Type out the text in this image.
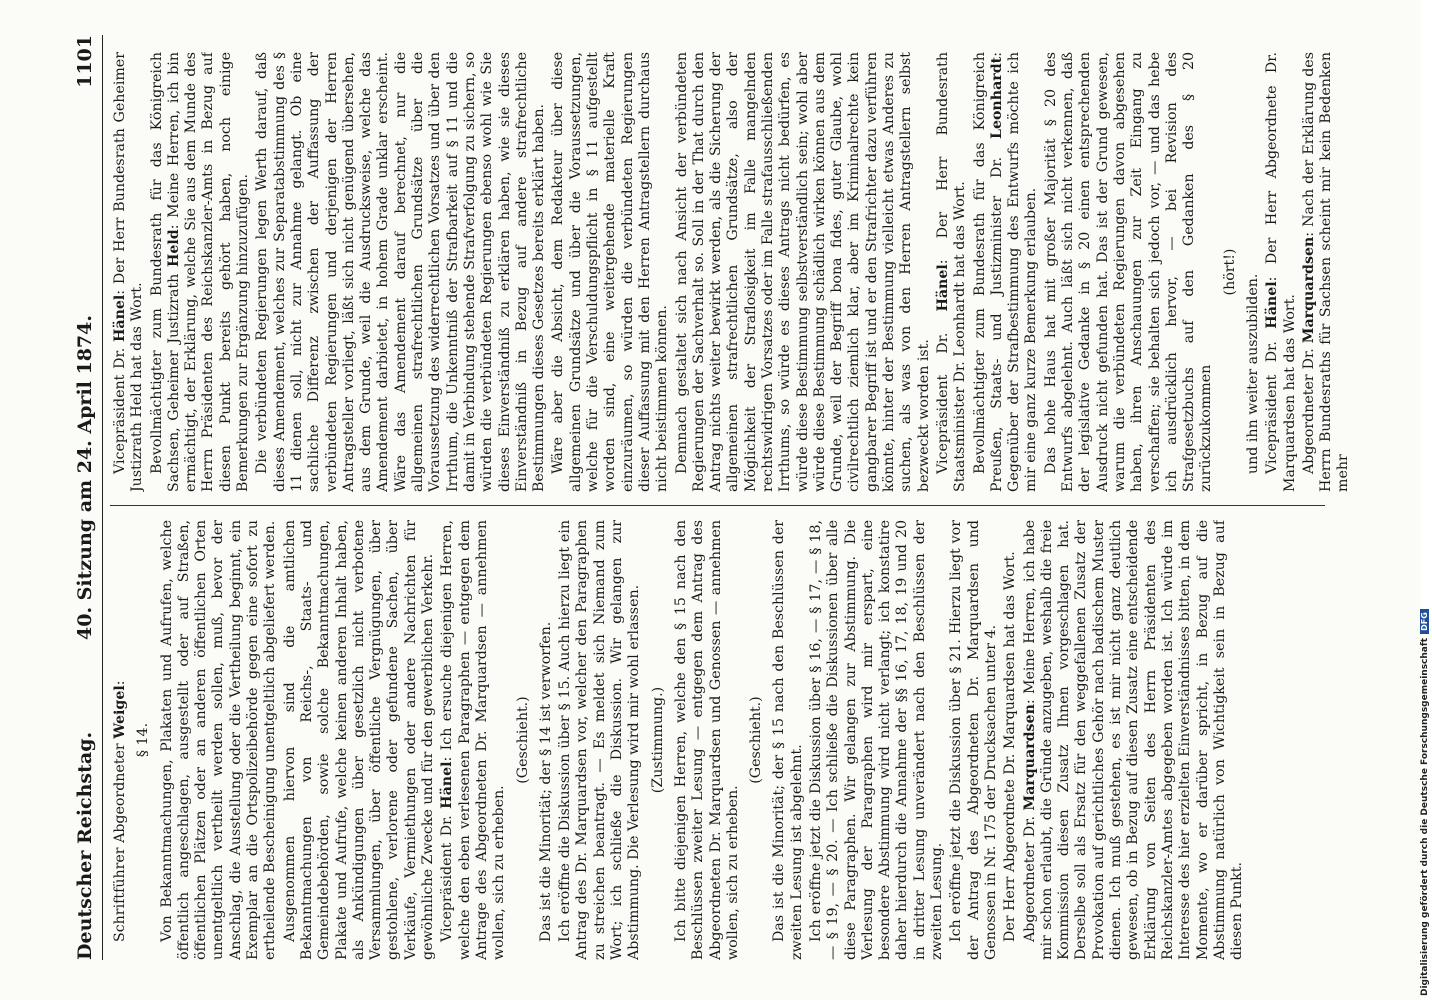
Deutscher Reichstag.
40. Sitzung am 24. April 1874.
1101

Schriftführer Abgeordneter Weigel:

§ 14. Von Bekanntmachungen, Plakaten und Aufrufen, welche öffentlich angeschlagen, ausgestellt oder auf Straßen, öffentlichen Plätzen oder an anderen öffentlichen Orten unentgeltlich vertheilt werden sollen, muß, bevor der Anschlag, die Ausstellung oder die Vertheilung beginnt, ein Exemplar an die Ortspolizeibehörde gegen eine sofort zu ertheilende Bescheinigung unentgeltlich abgeliefert werden. Ausgenommen hiervon sind die amtlichen Bekanntmachungen von Reichs-, Staats- und Gemeindebehörden, sowie solche Bekanntmachungen, Plakate und Aufrufe, welche keinen anderen Inhalt haben, als Ankündigungen über gesetzlich nicht verbotene Versammlungen, über öffentliche Vergnügungen, über gestohlene, verlorene oder gefundene Sachen, über Verkäufe, Vermiethungen oder andere Nachrichten für gewöhnliche Zwecke und für den gewerblichen Verkehr. Vicepräsident Dr. Hänel: Ich ersuche diejenigen Herren, welche den eben verlesenen Paragraphen — entgegen dem Antrage des Abgeordneten Dr. Marquardsen — annehmen wollen, sich zu erheben.

(Geschieht.) Das ist die Minorität; der § 14 ist verworfen. Ich eröffne die Diskussion über § 15. Auch hierzu liegt ein Antrag des Dr. Marquardsen vor, welcher den Paragraphen zu streichen beantragt. — Es meldet sich Niemand zum Wort; ich schließe die Diskussion. Wir gelangen zur Abstimmung. Die Verlesung wird mir wohl erlassen. (Zustimmung.) Ich bitte diejenigen Herren, welche den § 15 nach den Beschlüssen zweiter Lesung — entgegen dem Antrag des Abgeordneten Dr. Marquardsen und Genossen — annehmen wollen, sich zu erheben.

(Geschieht.) Das ist die Minorität; der § 15 nach den Beschlüssen der zweiten Lesung ist abgelehnt. Ich eröffne jetzt die Diskussion über § 16, — § 17, — § 18, — § 19, — § 20. — Ich schließe die Diskussionen über alle diese Paragraphen. Wir gelangen zur Abstimmung. Die Verlesung der Paragraphen wird mir erspart, eine besondere Abstimmung wird nicht verlangt; ich konstatire daher hierdurch die Annahme der §§ 16, 17, 18, 19 und 20 in dritter Lesung unverändert nach den Beschlüssen der zweiten Lesung. Ich eröffne jetzt die Diskussion über § 21. Hierzu liegt vor der Antrag des Abgeordneten Dr. Marquardsen und Genossen in Nr. 175 der Drucksachen unter 4. Der Herr Abgeordnete Dr. Marquardsen hat das Wort. Abgeordneter Dr. Marquardsen: Meine Herren, ich habe mir schon erlaubt, die Gründe anzugeben, weshalb die freie Kommission diesen Zusatz Ihnen vorgeschlagen hat. Derselbe soll als Ersatz für den weggefallenen Zusatz der Provokation auf gerichtliches Gehör nach badischem Muster dienen. Ich muß gestehen, es ist mir nicht ganz deutlich gewesen, ob in Bezug auf diesen Zusatz eine entscheidende Erklärung von Seiten des Herrn Präsidenten des Reichskanzler-Amtes abgegeben worden ist. Ich würde im Interesse des hier erzielten Einverständnisses bitten, in dem Momente, wo er darüber spricht, in Bezug auf die Abstimmung natürlich von Wichtigkeit sein in Bezug auf diesen Punkt.

Vicepräsident Dr. Hänel: Der Herr Bundesrath Geheimer Justizrath Held hat das Wort. Bevollmächtigter zum Bundesrath für das Königreich Sachsen, Geheimer Justizrath Held: Meine Herren, ich bin ermächtigt, der Erklärung, welche Sie aus dem Munde des Herrn Präsidenten des Reichskanzler-Amts in Bezug auf diesen Punkt bereits gehört haben, noch einige Bemerkungen zur Ergänzung hinzuzufügen. Die verbündeten Regierungen legen Werth darauf, daß dieses Amendement, welches zur Separatabstimmung des § 11 dienen soll, nicht zur Annahme gelangt. Ob eine sachliche Differenz zwischen der Auffassung der verbündeten Regierungen und derjenigen der Herren Antragsteller vorliegt, läßt sich nicht genügend übersehen, aus dem Grunde, weil die Ausdrucksweise, welche das Amendement darbietet, in hohem Grade unklar erscheint. Wäre das Amendement darauf berechnet, nur die allgemeinen strafrechtlichen Grundsätze über die Voraussetzung des widerrechtlichen Vorsatzes und über den Irrthum, die Unkenntniß der Strafbarkeit auf § 11 und die damit in Verbindung stehende Strafverfolgung zu sichern, so würden die verbündeten Regierungen ebenso wohl wie Sie dieses Einverständniß zu erklären haben, wie sie dieses Einverständniß in Bezug auf andere strafrechtliche Bestimmungen dieses Gesetzes bereits erklärt haben. Wäre aber die Absicht, dem Redakteur über diese allgemeinen Grundsätze und über die Voraussetzungen, welche für die Verschuldungspflicht in § 11 aufgestellt worden sind, eine weitergehende materielle Kraft einzuräumen, so würden die verbündeten Regierungen dieser Auffassung mit den Herren Antragstellern durchaus nicht beistimmen können. Demnach gestaltet sich nach Ansicht der verbündeten Regierungen der Sachverhalt so. Soll in der That durch den Antrag nichts weiter bewirkt werden, als die Sicherung der allgemeinen strafrechtlichen Grundsätze, also der Möglichkeit der Straflosigkeit im Falle mangelnden rechtswidrigen Vorsatzes oder im Falle strafausschließenden Irrthums, so würde es dieses Antrags nicht bedürfen, es würde diese Bestimmung selbstverständlich sein; wohl aber würde diese Bestimmung schädlich wirken können aus dem Grunde, weil der Begriff bona fides, guter Glaube, wohl civilrechtlich ziemlich klar, aber im Kriminalrechte kein gangbarer Begriff ist und er den Strafrichter dazu verführen könnte, hinter der Bestimmung vielleicht etwas Anderes zu suchen, als was von den Herren Antragstellern selbst bezweckt worden ist. Vicepräsident Dr. Hänel: Der Herr Bundesrath Staatsminister Dr. Leonhardt hat das Wort. Bevollmächtigter zum Bundesrath für das Königreich Preußen, Staats- und Justizminister Dr. Leonhardt: Gegenüber der Strafbestimmung des Entwurfs möchte ich mir eine ganz kurze Bemerkung erlauben. Das hohe Haus hat mit großer Majorität § 20 des Entwurfs abgelehnt. Auch läßt sich nicht verkennen, daß der legislative Gedanke in § 20 einen entsprechenden Ausdruck nicht gefunden hat. Das ist der Grund gewesen, warum die verbündeten Regierungen davon abgesehen haben, ihren Anschauungen zur Zeit Eingang zu verschaffen; sie behalten sich jedoch vor, — und das hebe ich ausdrücklich hervor, — bei Revision des Strafgesetzbuchs auf den Gedanken des § 20 zurückzukommen

(hört!)

und ihn weiter auszubilden. Vicepräsident Dr. Hänel: Der Herr Abgeordnete Dr. Marquardsen hat das Wort. Abgeordneter Dr. Marquardsen: Nach der Erklärung des Herrn Bundesraths für Sachsen scheint mir kein Bedenken mehr

Digitalisierung gefördert durch die Deutsche ForschungsgemeinschaftDFG
